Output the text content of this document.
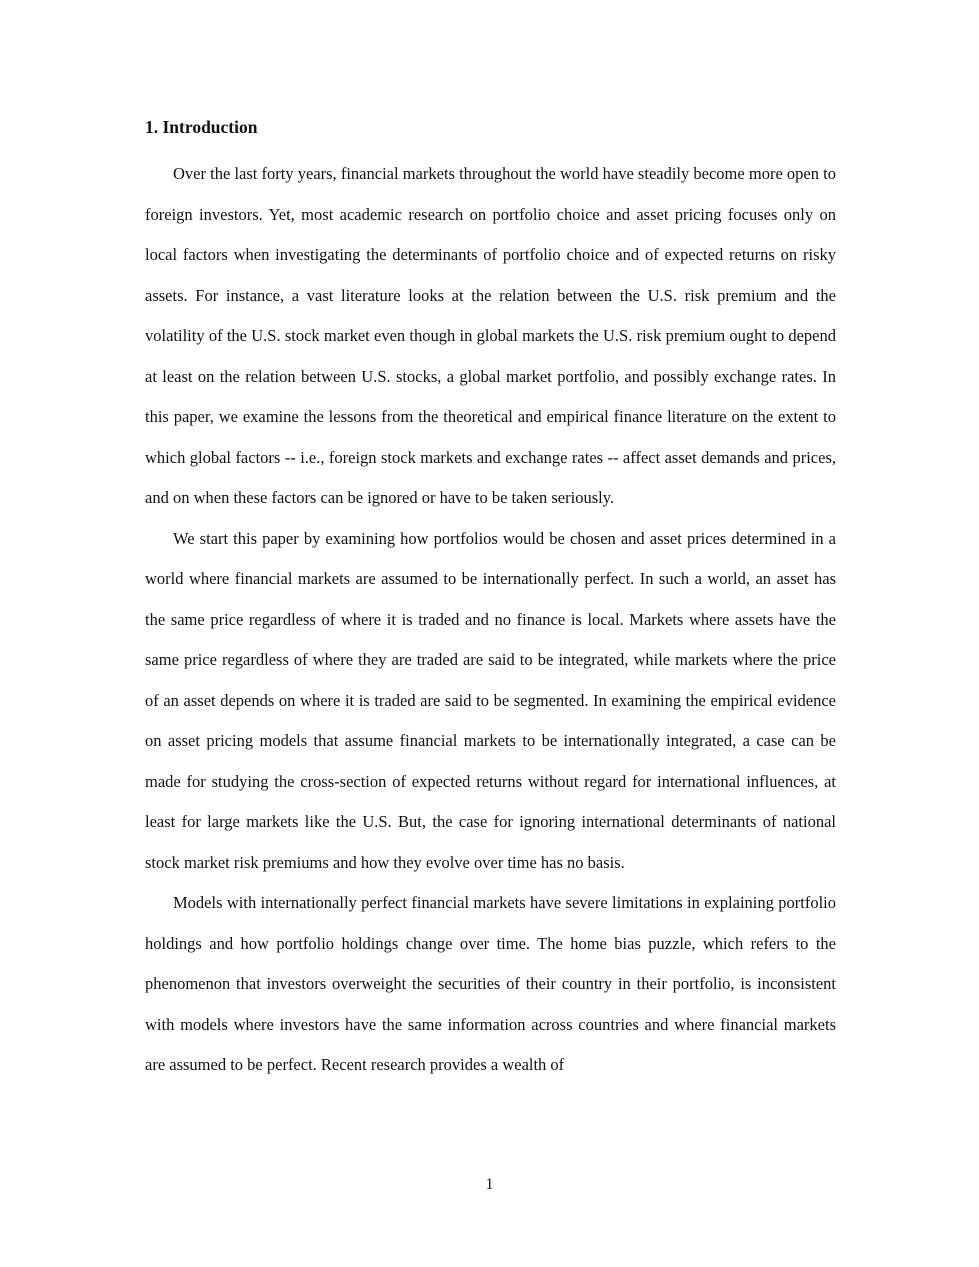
1. Introduction

Over the last forty years, financial markets throughout the world have steadily become more open to foreign investors. Yet, most academic research on portfolio choice and asset pricing focuses only on local factors when investigating the determinants of portfolio choice and of expected returns on risky assets. For instance, a vast literature looks at the relation between the U.S. risk premium and the volatility of the U.S. stock market even though in global markets the U.S. risk premium ought to depend at least on the relation between U.S. stocks, a global market portfolio, and possibly exchange rates. In this paper, we examine the lessons from the theoretical and empirical finance literature on the extent to which global factors -- i.e., foreign stock markets and exchange rates -- affect asset demands and prices, and on when these factors can be ignored or have to be taken seriously.

We start this paper by examining how portfolios would be chosen and asset prices determined in a world where financial markets are assumed to be internationally perfect. In such a world, an asset has the same price regardless of where it is traded and no finance is local. Markets where assets have the same price regardless of where they are traded are said to be integrated, while markets where the price of an asset depends on where it is traded are said to be segmented. In examining the empirical evidence on asset pricing models that assume financial markets to be internationally integrated, a case can be made for studying the cross-section of expected returns without regard for international influences, at least for large markets like the U.S. But, the case for ignoring international determinants of national stock market risk premiums and how they evolve over time has no basis.

Models with internationally perfect financial markets have severe limitations in explaining portfolio holdings and how portfolio holdings change over time. The home bias puzzle, which refers to the phenomenon that investors overweight the securities of their country in their portfolio, is inconsistent with models where investors have the same information across countries and where financial markets are assumed to be perfect. Recent research provides a wealth of

1
